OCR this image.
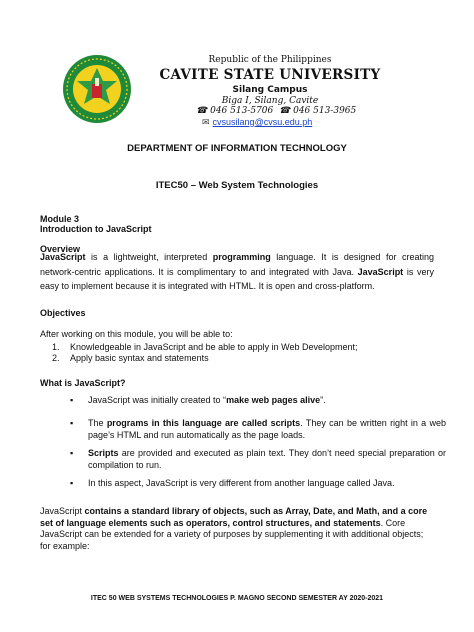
Republic of the Philippines
CAVITE STATE UNIVERSITY
Silang Campus
Biga I, Silang, Cavite
☎ 046 513-5706  ☎ 046 513-3965
✉ cvsusilang@cvsu.edu.ph
DEPARTMENT OF INFORMATION TECHNOLOGY
ITEC50 – Web System Technologies
Module 3
Introduction to JavaScript
Overview
JavaScript is a lightweight, interpreted programming language. It is designed for creating network-centric applications. It is complimentary to and integrated with Java. JavaScript is very easy to implement because it is integrated with HTML. It is open and cross-platform.
Objectives
After working on this module, you will be able to:
1. Knowledgeable in JavaScript and be able to apply in Web Development;
2. Apply basic syntax and statements
What is JavaScript?
▪ JavaScript was initially created to “make web pages alive”.
▪ The programs in this language are called scripts. They can be written right in a web page’s HTML and run automatically as the page loads.
▪ Scripts are provided and executed as plain text. They don’t need special preparation or compilation to run.
▪ In this aspect, JavaScript is very different from another language called Java.
JavaScript contains a standard library of objects, such as Array, Date, and Math, and a core set of language elements such as operators, control structures, and statements. Core JavaScript can be extended for a variety of purposes by supplementing it with additional objects; for example:
ITEC 50 WEB SYSTEMS TECHNOLOGIES P. MAGNO SECOND SEMESTER AY 2020-2021
